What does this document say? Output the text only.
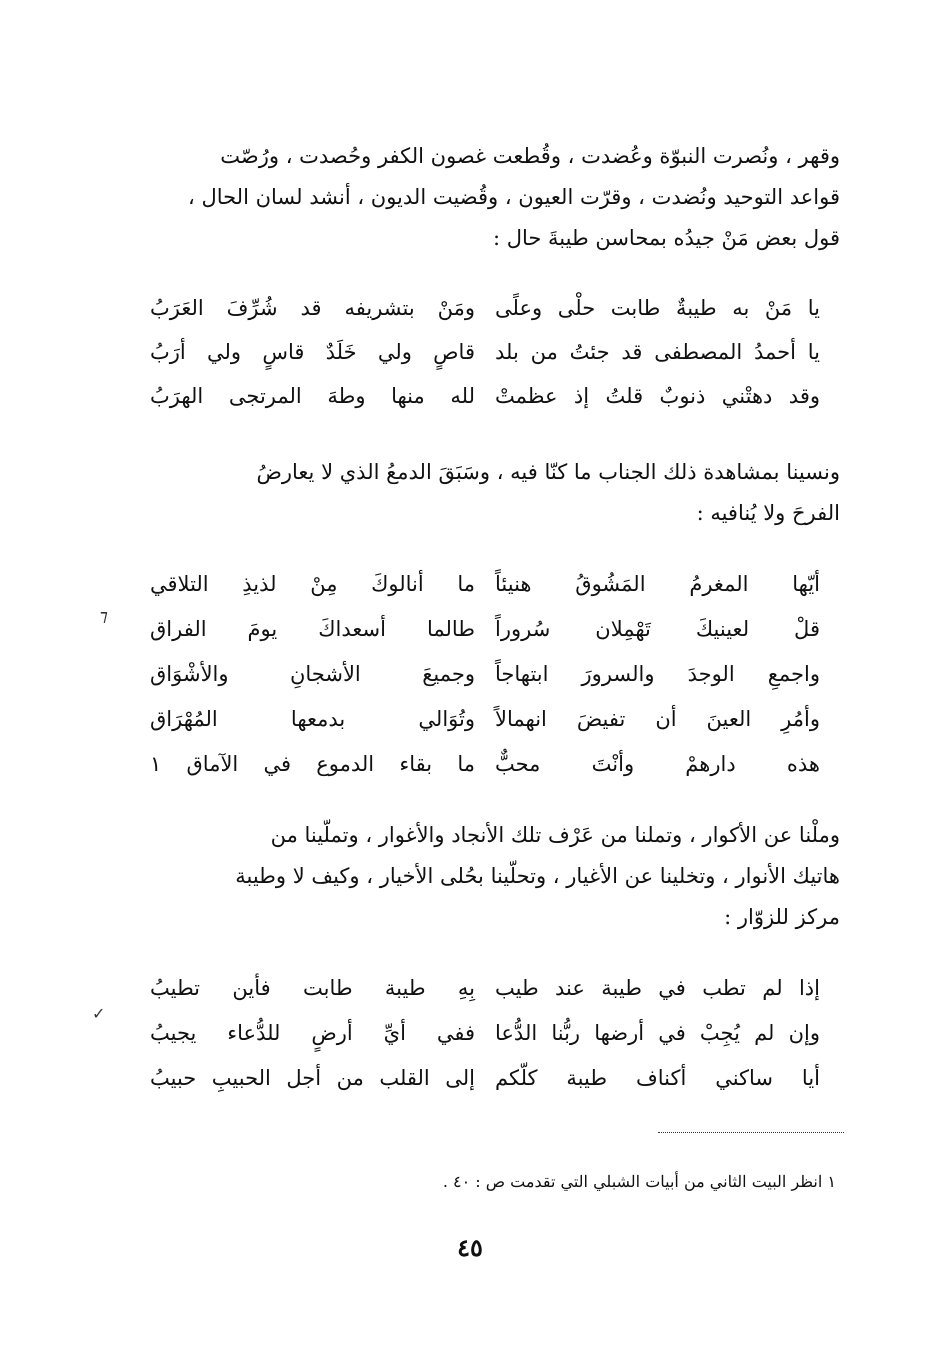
وقهر ، ونُصرت النبوّة وعُضدت ، وقُطعت غصون الكفر وحُصدت ، ورُصّت
قواعد التوحيد ونُضدت ، وقرّت العيون ، وقُضيت الديون ، أنشد لسان الحال ،
قول بعض مَنْ جيدُه بمحاسن طيبةَ حال :
يا مَنْ به طيبةٌ طابت حلْى وعلًى
ومَنْ بتشريفه قد شُرِّفَ العَرَبُ
يا أحمدُ المصطفى قد جئتُ من بلد
قاصٍ ولي خَلَدٌ قاسٍ ولي أرَبُ
وقد دهتْني ذنوبٌ قلتُ إذ عظمتْ
لله منها وطهَ المرتجى الهرَبُ
ونسينا بمشاهدة ذلك الجناب ما كنّا فيه ، وسَبَقَ الدمعُ الذي لا يعارضُ
الفرحَ ولا يُنافيه :
أيّها المغرمُ المَشُوقُ هنيئاً
ما أنالوكَ مِنْ لذيذِ التلاقي
قلْ لعينيكَ تَهْمِلان سُروراً
طالما أسعداكَ يومَ الفراق
واجمعِ الوجدَ والسرورَ ابتهاجاً
وجميعَ الأشجانِ والأشْوَاق
وأمُرِ العينَ أن تفيضَ انهمالاً
وتُوَالي بدمعها المُهْرَاق
هذه دارهمْ وأنْتَ محبٌّ
ما بقاء الدموع في الآماق ١
وملْنا عن الأكوار ، وتملنا من عَرْف تلك الأنجاد والأغوار ، وتملّينا من
هاتيك الأنوار ، وتخلينا عن الأغيار ، وتحلّينا بحُلى الأخيار ، وكيف لا وطيبة
مركز للزوّار :
إذا لم تطب في طيبة عند طيب
بِهِ طيبة طابت فأين تطيبُ
وإن لم يُجِبْ في أرضها ربُّنا الدُّعا
ففي أيِّ أرضٍ للدُّعاء يجيبُ
أيا ساكني أكناف طيبة كلّكم
إلى القلب من أجل الحبيبِ حبيبُ
⁊
✓
١ انظر البيت الثاني من أبيات الشبلي التي تقدمت ص : ٤٠ .
٤٥
